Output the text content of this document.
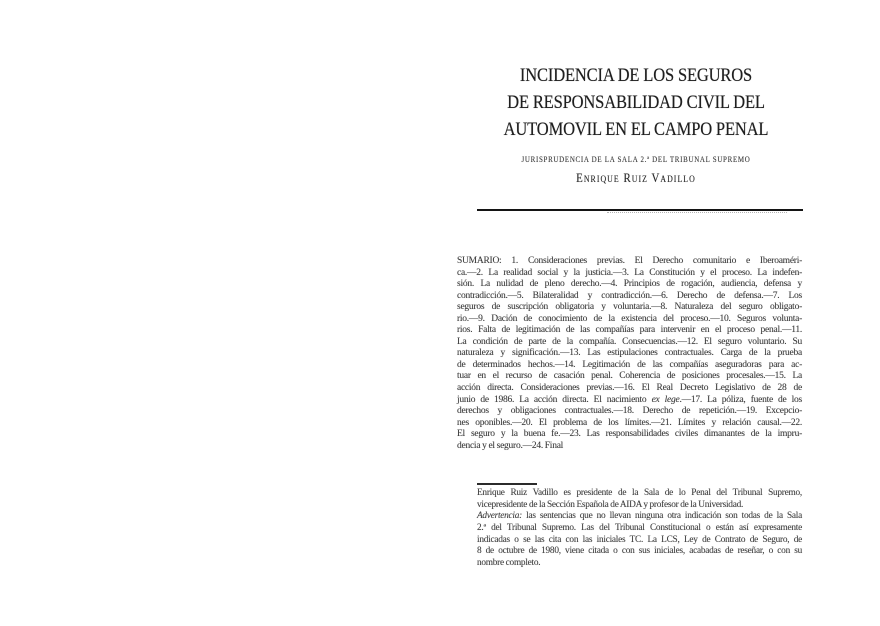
INCIDENCIA DE LOS SEGUROS
DE RESPONSABILIDAD CIVIL DEL
AUTOMOVIL EN EL CAMPO PENAL
JURISPRUDENCIA DE LA SALA 2.ª DEL TRIBUNAL SUPREMO
Enrique Ruiz Vadillo
SUMARIO: 1. Consideraciones previas. El Derecho comunitario e Iberoaméri-
ca.—2. La realidad social y la justicia.—3. La Constitución y el proceso. La indefen-
sión. La nulidad de pleno derecho.—4. Principios de rogación, audiencia, defensa y
contradicción.—5. Bilateralidad y contradicción.—6. Derecho de defensa.—7. Los
seguros de suscripción obligatoria y voluntaria.—8. Naturaleza del seguro obligato-
rio.—9. Dación de conocimiento de la existencia del proceso.—10. Seguros volunta-
rios. Falta de legitimación de las compañías para intervenir en el proceso penal.—11.
La condición de parte de la compañía. Consecuencias.—12. El seguro voluntario. Su
naturaleza y significación.—13. Las estipulaciones contractuales. Carga de la prueba
de determinados hechos.—14. Legitimación de las compañías aseguradoras para ac-
tuar en el recurso de casación penal. Coherencia de posiciones procesales.—15. La
acción directa. Consideraciones previas.—16. El Real Decreto Legislativo de 28 de
junio de 1986. La acción directa. El nacimiento ex lege.—17. La póliza, fuente de los
derechos y obligaciones contractuales.—18. Derecho de repetición.—19. Excepcio-
nes oponibles.—20. El problema de los límites.—21. Límites y relación causal.—22.
El seguro y la buena fe.—23. Las responsabilidades civiles dimanantes de la impru-
dencia y el seguro.—24. Final
Enrique Ruiz Vadillo es presidente de la Sala de lo Penal del Tribunal Supremo,
vicepresidente de la Sección Española de AIDA y profesor de la Universidad.
Advertencia: las sentencias que no llevan ninguna otra indicación son todas de la Sala
2.ª del Tribunal Supremo. Las del Tribunal Constitucional o están así expresamente
indicadas o se las cita con las iniciales TC. La LCS, Ley de Contrato de Seguro, de
8 de octubre de 1980, viene citada o con sus iniciales, acabadas de reseñar, o con su
nombre completo.
